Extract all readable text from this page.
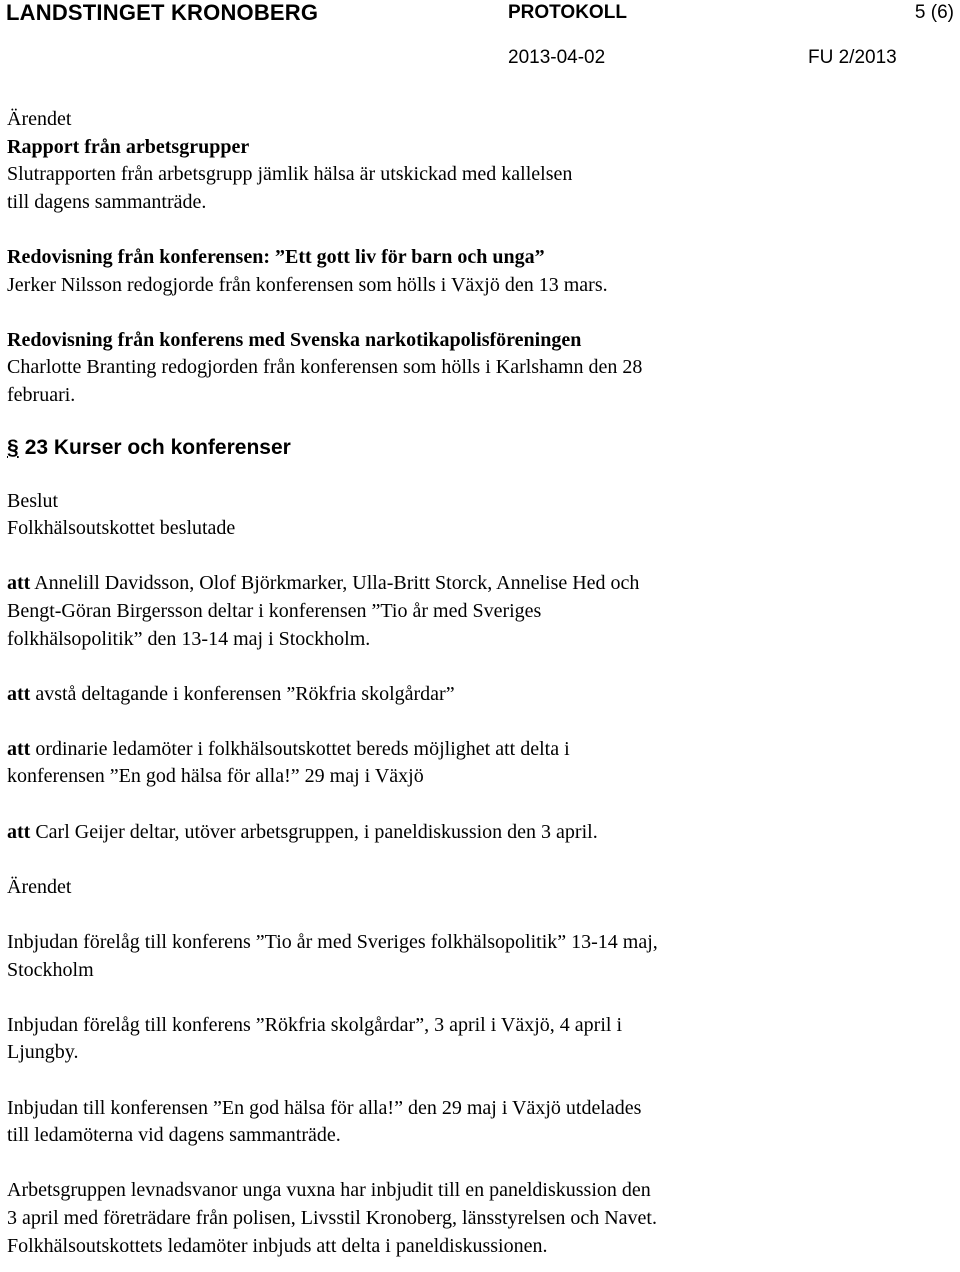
LANDSTINGET KRONOBERG	PROTOKOLL	5 (6)
2013-04-02	FU 2/2013

Ärendet

Rapport från arbetsgrupper

Slutrapporten från arbetsgrupp jämlik hälsa är utskickad med kallelsen

till dagens sammanträde.

Redovisning från konferensen: ”Ett gott liv för barn och unga”

Jerker Nilsson redogjorde från konferensen som hölls i Växjö den 13 mars.

Redovisning från konferens med Svenska narkotikapolisföreningen

Charlotte Branting redogjorden från konferensen som hölls i Karlshamn den 28

februari.

§ 23 Kurser och konferenser

Beslut

Folkhälsoutskottet beslutade

att Annelill Davidsson, Olof Björkmarker, Ulla-Britt Storck, Annelise Hed och

Bengt-Göran Birgersson deltar i konferensen ”Tio år med Sveriges

folkhälsopolitik” den 13-14 maj i Stockholm.

att avstå deltagande i konferensen ”Rökfria skolgårdar”

att ordinarie ledamöter i folkhälsoutskottet bereds möjlighet att delta i

konferensen ”En god hälsa för alla!” 29 maj i Växjö

att Carl Geijer deltar, utöver arbetsgruppen, i paneldiskussion den 3 april.

Ärendet

Inbjudan förelåg till konferens ”Tio år med Sveriges folkhälsopolitik” 13-14 maj,

Stockholm

Inbjudan förelåg till konferens ”Rökfria skolgårdar”, 3 april i Växjö, 4 april i

Ljungby.

Inbjudan till konferensen ”En god hälsa för alla!” den 29 maj i Växjö utdelades

till ledamöterna vid dagens sammanträde.

Arbetsgruppen levnadsvanor unga vuxna har inbjudit till en paneldiskussion den

3 april med företrädare från polisen, Livsstil Kronoberg, länsstyrelsen och Navet.

Folkhälsoutskottets ledamöter inbjuds att delta i paneldiskussionen.
